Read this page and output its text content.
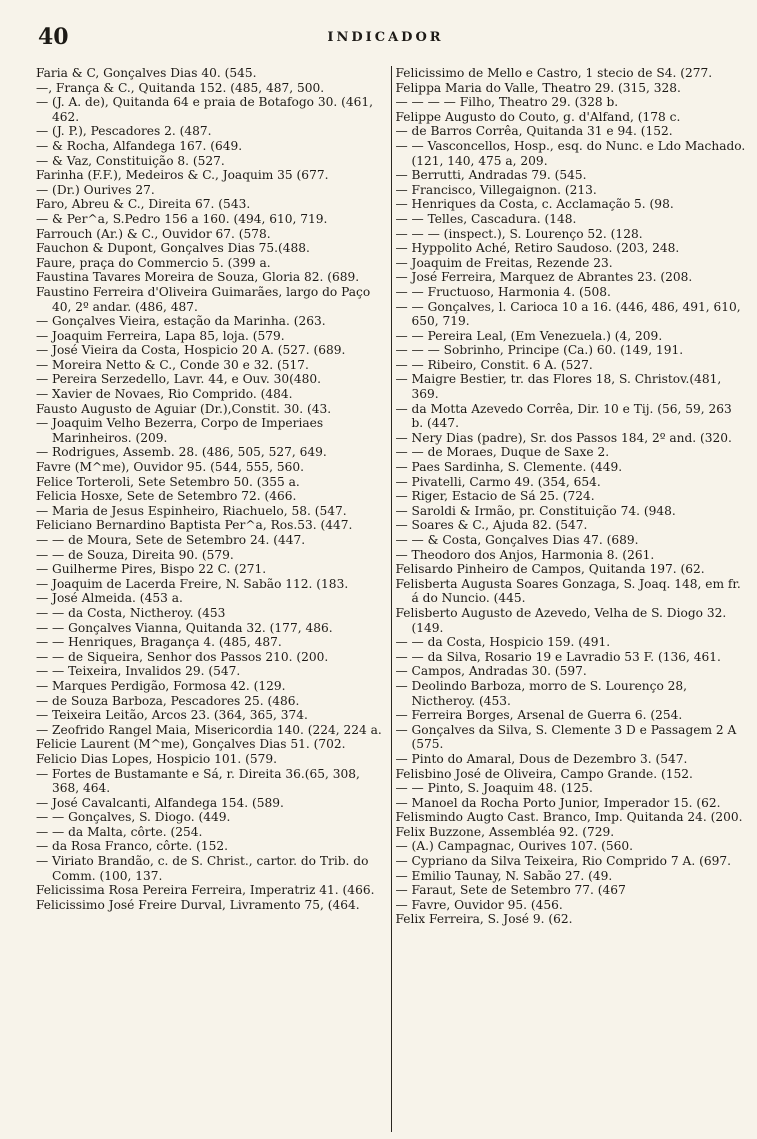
40	INDICADOR
Faria & C, Gonçalves Dias 40. (545.
—, França & C., Quitanda 152. (485, 487, 500.
— (J. A. de), Quitanda 64 e praia de Botafogo 30. (461, 462.
— (J. P.), Pescadores 2. (487.
— & Rocha, Alfandega 167. (649.
— & Vaz, Constituição 8. (527.
Farinha (F.F.), Medeiros & C., Joaquim 35 (677.
— (Dr.) Ourives 27.
Faro, Abreu & C., Direita 67. (543.
— & Per^a, S.Pedro 156 a 160. (494, 610, 719.
Farrouch (Ar.) & C., Ouvidor 67. (578.
Fauchon & Dupont, Gonçalves Dias 75.(488.
Faure, praça do Commercio 5. (399 a.
Faustina Tavares Moreira de Souza, Gloria 82. (689.
Faustino Ferreira d'Oliveira Guimarães, largo do Paço 40, 2º andar. (486, 487.
— Gonçalves Vieira, estação da Marinha. (263.
— Joaquim Ferreira, Lapa 85, loja. (579.
— José Vieira da Costa, Hospicio 20 A. (527. (689.
— Moreira Netto & C., Conde 30 e 32. (517.
— Pereira Serzedello, Lavr. 44, e Ouv. 30(480.
— Xavier de Novaes, Rio Comprido. (484.
Fausto Augusto de Aguiar (Dr.),Constit. 30. (43.
— Joaquim Velho Bezerra, Corpo de Imperiaes Marinheiros. (209.
— Rodrigues, Assemb. 28. (486, 505, 527, 649.
Favre (M^me), Ouvidor 95. (544, 555, 560.
Felice Torteroli, Sete Setembro 50. (355 a.
Felicia Hosxe, Sete de Setembro 72. (466.
— Maria de Jesus Espinheiro, Riachuelo, 58. (547.
Feliciano Bernardino Baptista Per^a, Ros.53. (447.
— — de Moura, Sete de Setembro 24. (447.
— — de Souza, Direita 90. (579.
— Guilherme Pires, Bispo 22 C. (271.
— Joaquim de Lacerda Freire, N. Sabão 112. (183.
— José Almeida. (453 a.
— — da Costa, Nictheroy. (453
— — Gonçalves Vianna, Quitanda 32. (177, 486.
— — Henriques, Bragança 4. (485, 487.
— — de Siqueira, Senhor dos Passos 210. (200.
— — Teixeira, Invalidos 29. (547.
— Marques Perdigão, Formosa 42. (129.
— de Souza Barboza, Pescadores 25. (486.
— Teixeira Leitão, Arcos 23. (364, 365, 374.
— Zeofrido Rangel Maia, Misericordia 140. (224, 224 a.
Felicie Laurent (M^me), Gonçalves Dias 51. (702.
Felicio Dias Lopes, Hospicio 101. (579.
— Fortes de Bustamante e Sá, r. Direita 36.(65, 308, 368, 464.
— José Cavalcanti, Alfandega 154. (589.
— — Gonçalves, S. Diogo. (449.
— — da Malta, côrte. (254.
— da Rosa Franco, côrte. (152.
— Viriato Brandão, c. de S. Christ., cartor. do Trib. do Comm. (100, 137.
Felicissima Rosa Pereira Ferreira, Imperatriz 41. (466.
Felicissimo José Freire Durval, Livramento 75, (464.
Felicissimo de Mello e Castro, 1 stecio de S4. (277.
Felippa Maria do Valle, Theatro 29. (315, 328.
— — — — Filho, Theatro 29. (328 b.
Felippe Augusto do Couto, g. d'Alfand, (178 c.
— de Barros Corrêa, Quitanda 31 e 94. (152.
— — Vasconcellos, Hosp., esq. do Nunc. e Ldo Machado. (121, 140, 475 a, 209.
— Berrutti, Andradas 79. (545.
— Francisco, Villegaignon. (213.
— Henriques da Costa, c. Acclamação 5. (98.
— — Telles, Cascadura. (148.
— — — (inspect.), S. Lourenço 52. (128.
— Hyppolito Aché, Retiro Saudoso. (203, 248.
— Joaquim de Freitas, Rezende 23.
— José Ferreira, Marquez de Abrantes 23. (208.
— — Fructuoso, Harmonia 4. (508.
— — Gonçalves, l. Carioca 10 a 16. (446, 486, 491, 610, 650, 719.
— — Pereira Leal, (Em Venezuela.) (4, 209.
— — — Sobrinho, Principe (Ca.) 60. (149, 191.
— — Ribeiro, Constit. 6 A. (527.
— Maigre Bestier, tr. das Flores 18, S. Christov.(481, 369.
— da Motta Azevedo Corrêa, Dir. 10 e Tij. (56, 59, 263 b. (447.
— Nery Dias (padre), Sr. dos Passos 184, 2º and. (320.
— — de Moraes, Duque de Saxe 2.
— Paes Sardinha, S. Clemente. (449.
— Pivatelli, Carmo 49. (354, 654.
— Riger, Estacio de Sá 25. (724.
— Saroldi & Irmão, pr. Constituição 74. (948.
— Soares & C., Ajuda 82. (547.
— — & Costa, Gonçalves Dias 47. (689.
— Theodoro dos Anjos, Harmonia 8. (261.
Felisardo Pinheiro de Campos, Quitanda 197. (62.
Felisberta Augusta Soares Gonzaga, S. Joaq. 148, em fr. á do Nuncio. (445.
Felisberto Augusto de Azevedo, Velha de S. Diogo 32. (149.
— — da Costa, Hospicio 159. (491.
— — da Silva, Rosario 19 e Lavradio 53 F. (136, 461.
— Campos, Andradas 30. (597.
— Deolindo Barboza, morro de S. Lourenço 28, Nictheroy. (453.
— Ferreira Borges, Arsenal de Guerra 6. (254.
— Gonçalves da Silva, S. Clemente 3 D e Passagem 2 A (575.
— Pinto do Amaral, Dous de Dezembro 3. (547.
Felisbino José de Oliveira, Campo Grande. (152.
— — Pinto, S. Joaquim 48. (125.
— Manoel da Rocha Porto Junior, Imperador 15. (62.
Felismindo Augto Cast. Branco, Imp. Quitanda 24. (200.
Felix Buzzone, Assembléa 92. (729.
— (A.) Campagnac, Ourives 107. (560.
— Cypriano da Silva Teixeira, Rio Comprido 7 A. (697.
— Emilio Taunay, N. Sabão 27. (49.
— Faraut, Sete de Setembro 77. (467
— Favre, Ouvidor 95. (456.
Felix Ferreira, S. José 9. (62.
